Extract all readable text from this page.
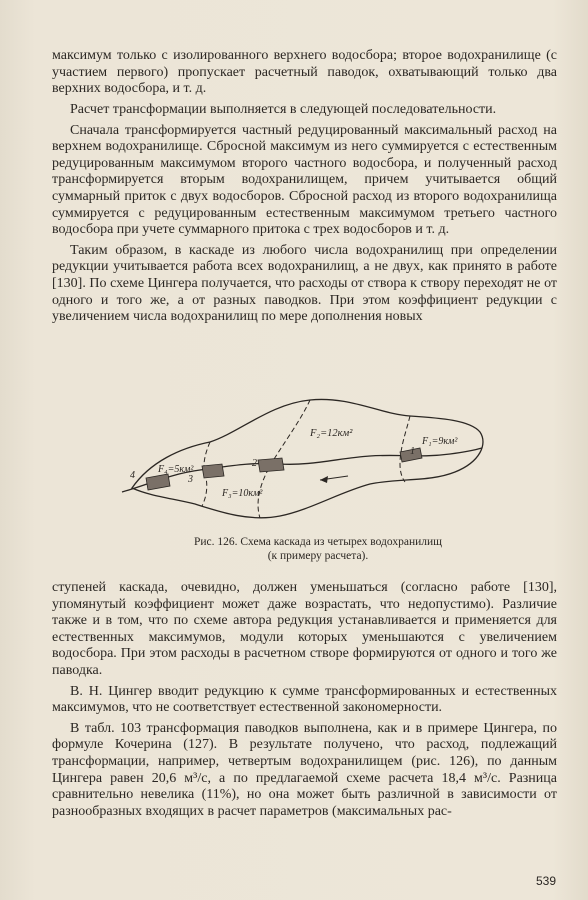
максимум только с изолированного верхнего водосбора; второе водохранилище (с участием первого) пропускает расчетный паводок, охватывающий только два верхних водосбора, и т. д.

Расчет трансформации выполняется в следующей последовательности.

Сначала трансформируется частный редуцированный максимальный расход на верхнем водохранилище. Сбросной максимум из него суммируется с естественным редуцированным максимумом второго частного водосбора, и полученный расход трансформируется вторым водохранилищем, причем учитывается общий суммарный приток с двух водосборов. Сбросной расход из второго водохранилища суммируется с редуцированным естественным максимумом третьего частного водосбора при учете суммарного притока с трех водосборов и т. д.

Таким образом, в каскаде из любого числа водохранилищ при определении редукции учитывается работа всех водохранилищ, а не двух, как принято в работе [130]. По схеме Цингера получается, что расходы от створа к створу переходят не от одного и того же, а от разных паводков. При этом коэффициент редукции с увеличением числа водохранилищ по мере дополнения новых

F₁=9км²
F₂=12км²
F₃=10км²
F₄=5км²
1
2
3
4
Рис. 126. Схема каскада из четырех водохранилищ
(к примеру расчета).

ступеней каскада, очевидно, должен уменьшаться (согласно работе [130], упомянутый коэффициент может даже возрастать, что недопустимо). Различие также и в том, что по схеме автора редукция устанавливается и применяется для естественных максимумов, модули которых уменьшаются с увеличением водосбора. При этом расходы в расчетном створе формируются от одного и того же паводка.

В. Н. Цингер вводит редукцию к сумме трансформированных и естественных максимумов, что не соответствует естественной закономерности.

В табл. 103 трансформация паводков выполнена, как и в примере Цингера, по формуле Кочерина (127). В результате получено, что расход, подлежащий трансформации, например, четвертым водохранилищем (рис. 126), по данным Цингера равен 20,6 м³/с, а по предлагаемой схеме расчета 18,4 м³/с. Разница сравнительно невелика (11%), но она может быть различной в зависимости от разнообразных входящих в расчет параметров (максимальных рас-

539
